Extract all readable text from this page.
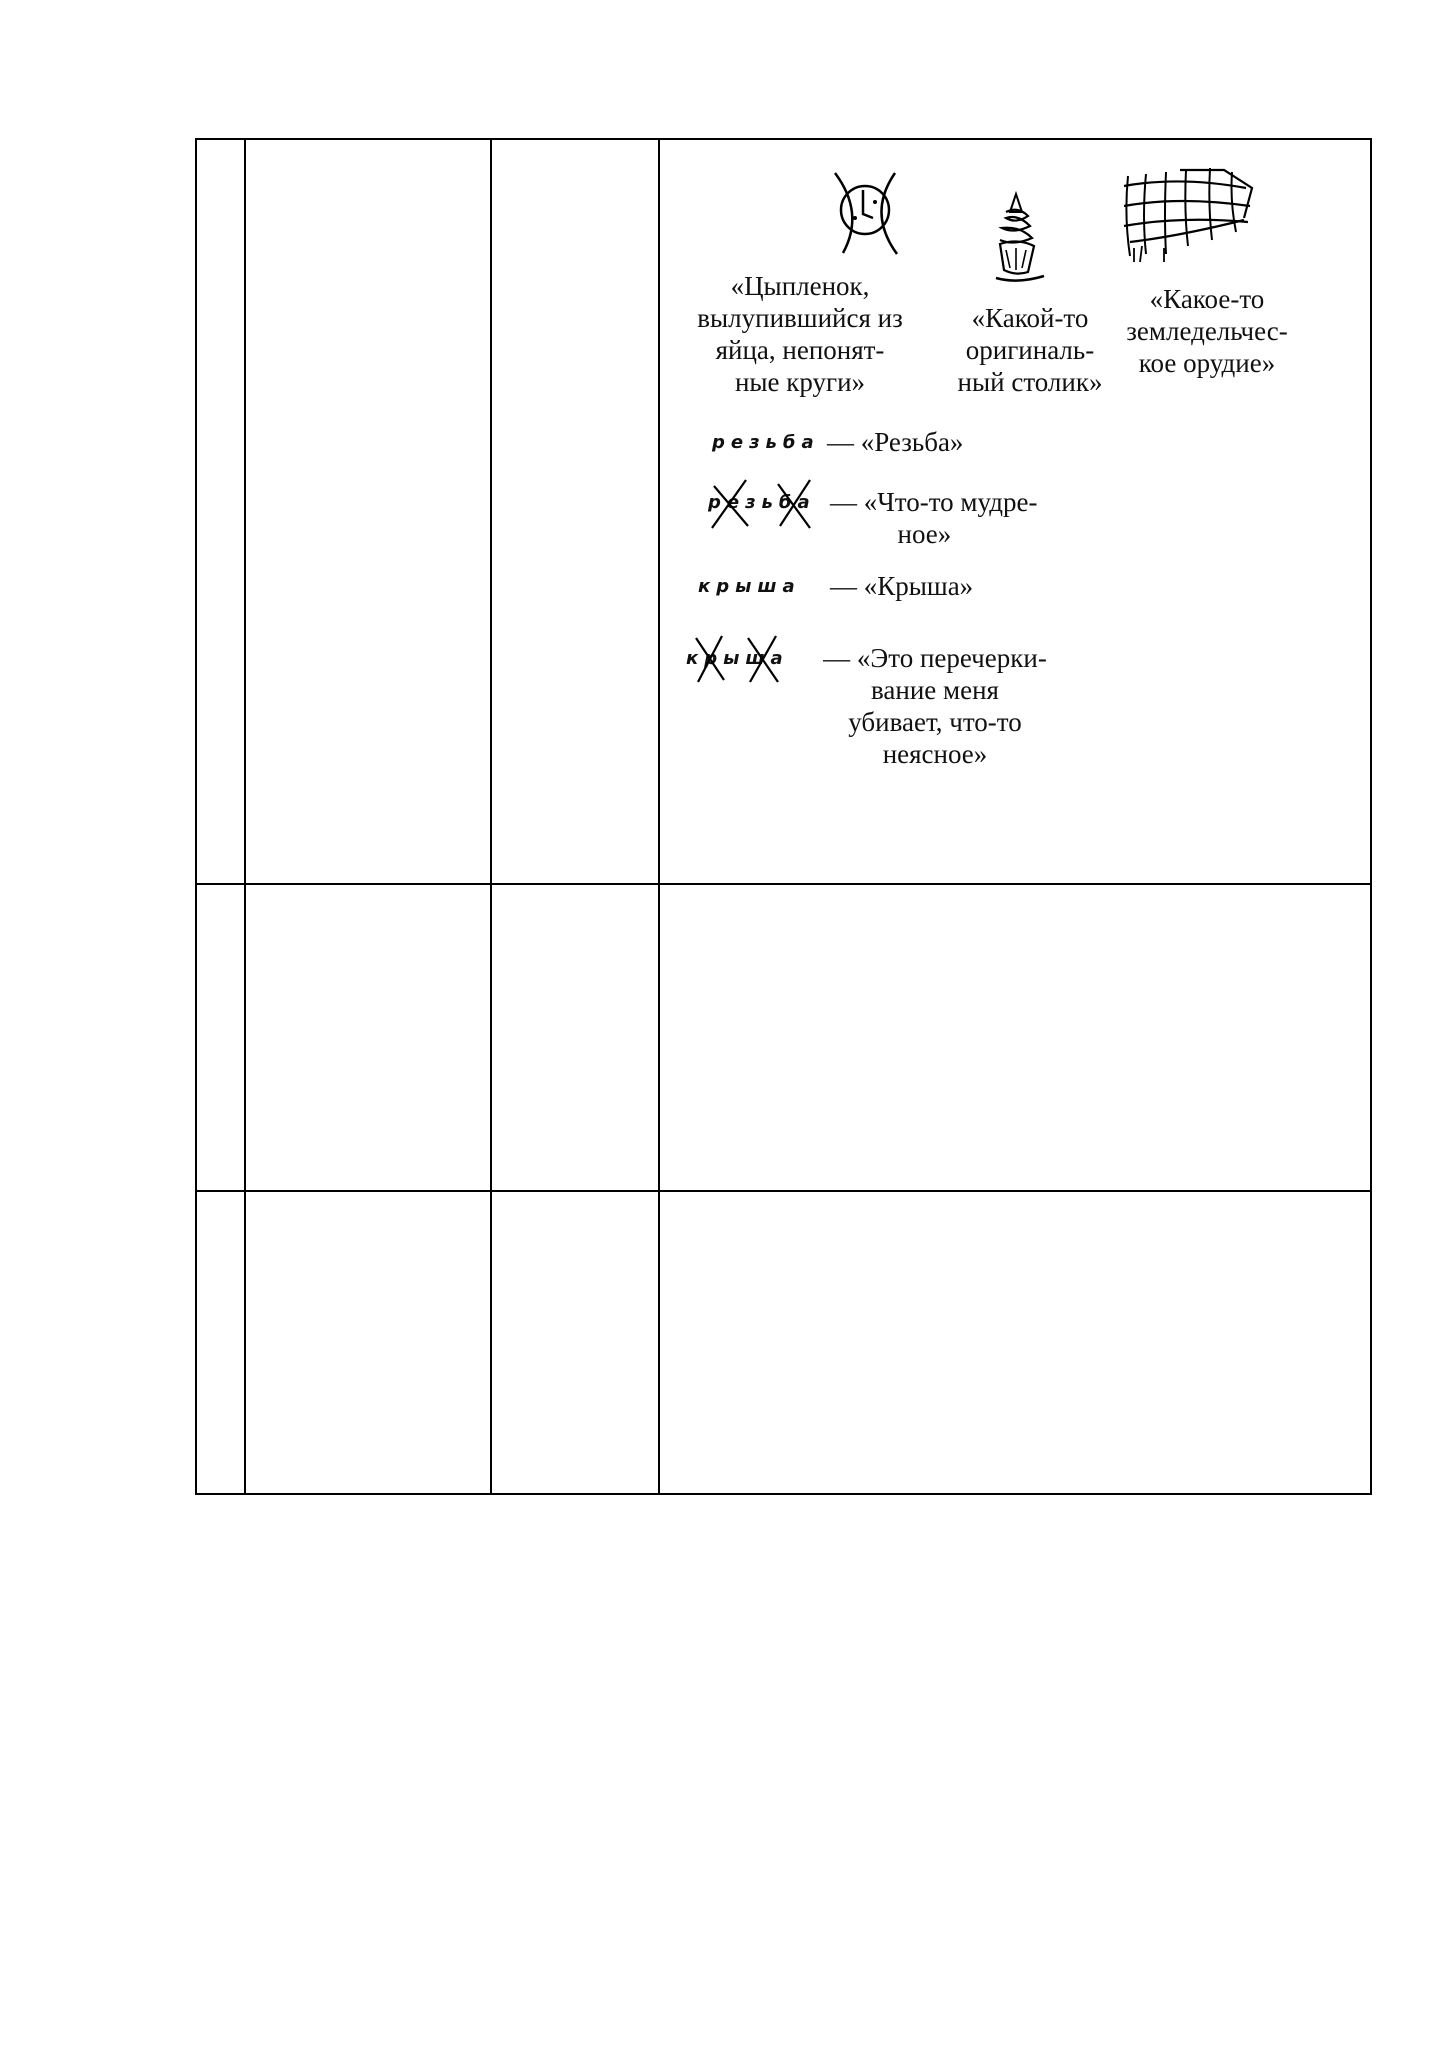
«Цыпленок,
вылупившийся из
яйца, непонят-
ные круги»
«Какой-то
оригиналь-
ный столик»
«Какое-то
земледельчес-
кое орудие»
резьба — «Резьба»
резьба — «Что-то мудре-
ное»
крыша — «Крыша»
крыша — «Это перечерки-
вание меня
убивает, что-то
неясное»
